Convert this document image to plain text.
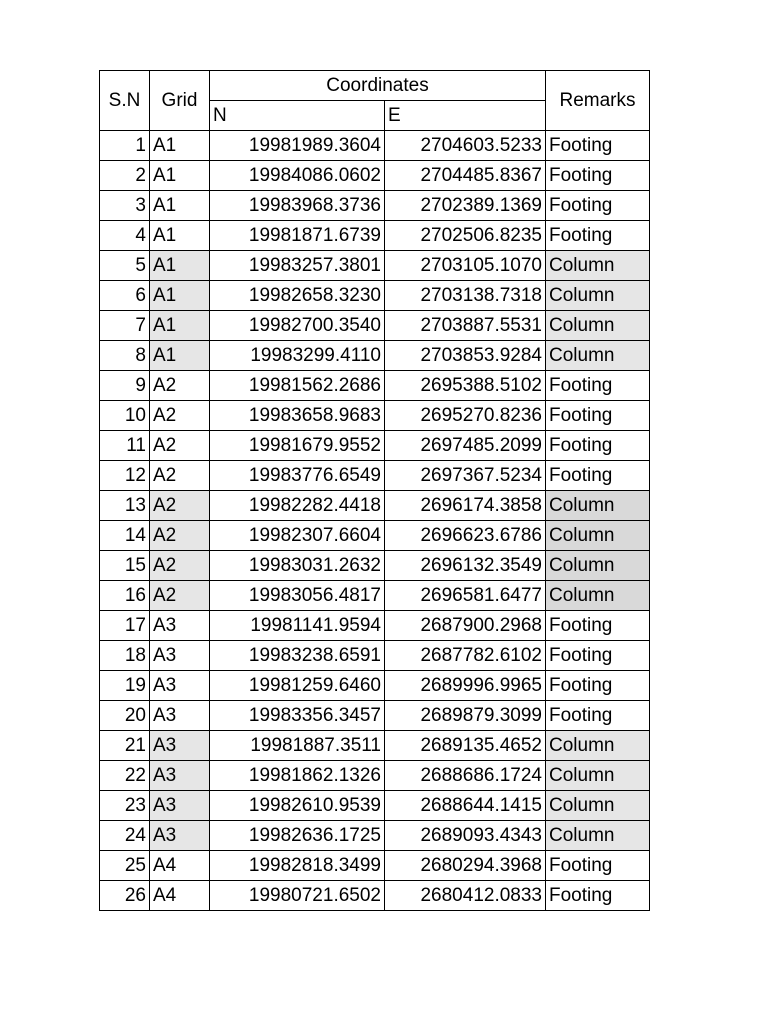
S.N	Grid	Coordinates		Remarks
		N	E	
1	A1	19981989.3604	2704603.5233	Footing
2	A1	19984086.0602	2704485.8367	Footing
3	A1	19983968.3736	2702389.1369	Footing
4	A1	19981871.6739	2702506.8235	Footing
5	A1	19983257.3801	2703105.1070	Column
6	A1	19982658.3230	2703138.7318	Column
7	A1	19982700.3540	2703887.5531	Column
8	A1	19983299.4110	2703853.9284	Column
9	A2	19981562.2686	2695388.5102	Footing
10	A2	19983658.9683	2695270.8236	Footing
11	A2	19981679.9552	2697485.2099	Footing
12	A2	19983776.6549	2697367.5234	Footing
13	A2	19982282.4418	2696174.3858	Column
14	A2	19982307.6604	2696623.6786	Column
15	A2	19983031.2632	2696132.3549	Column
16	A2	19983056.4817	2696581.6477	Column
17	A3	19981141.9594	2687900.2968	Footing
18	A3	19983238.6591	2687782.6102	Footing
19	A3	19981259.6460	2689996.9965	Footing
20	A3	19983356.3457	2689879.3099	Footing
21	A3	19981887.3511	2689135.4652	Column
22	A3	19981862.1326	2688686.1724	Column
23	A3	19982610.9539	2688644.1415	Column
24	A3	19982636.1725	2689093.4343	Column
25	A4	19982818.3499	2680294.3968	Footing
26	A4	19980721.6502	2680412.0833	Footing
